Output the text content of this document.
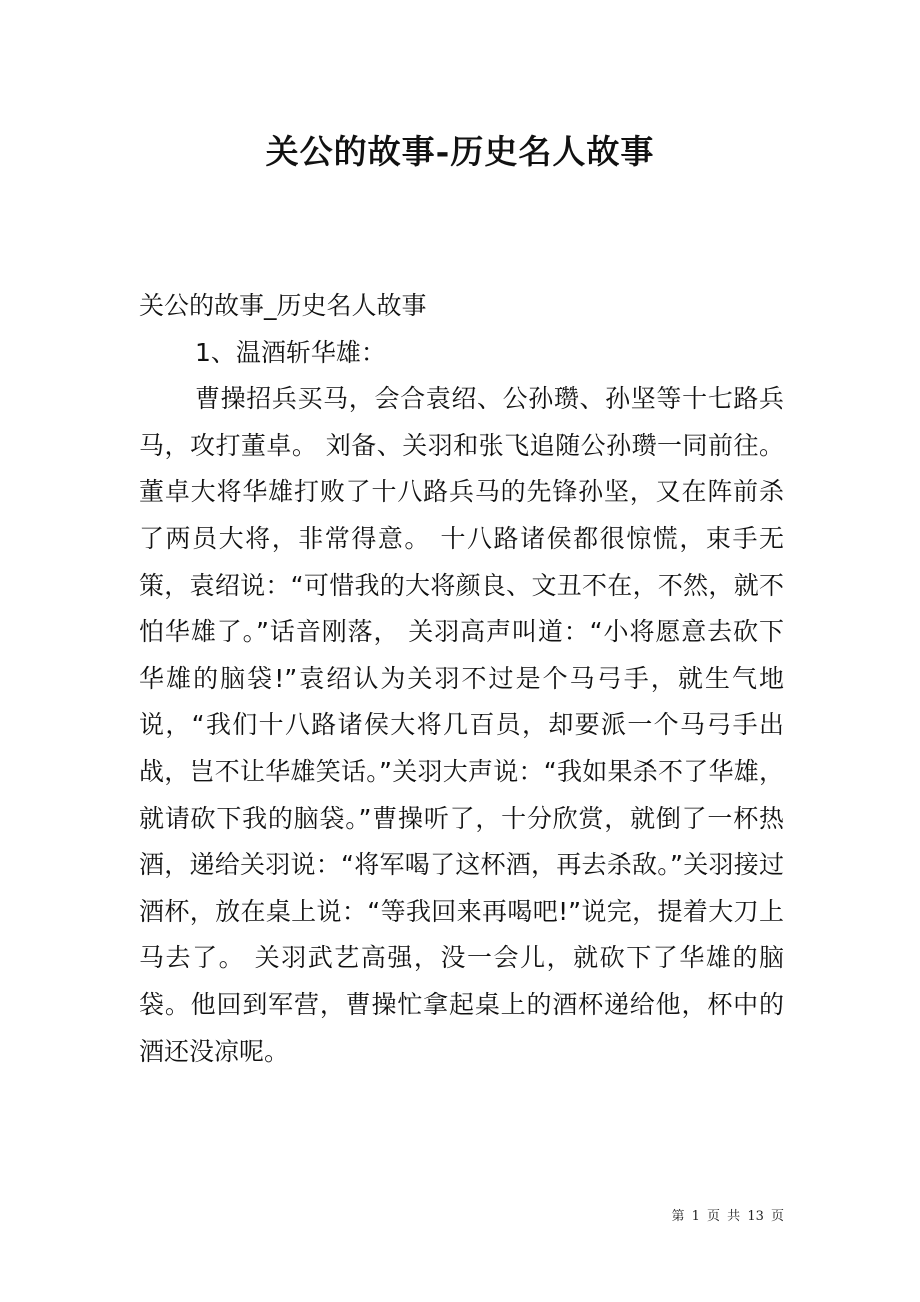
关公的故事-历史名人故事

关公的故事_历史名人故事

1、温酒斩华雄：

曹操招兵买马，会合袁绍、公孙瓒、孙坚等十七路兵马，攻打董卓。 刘备、关羽和张飞追随公孙瓒一同前往。董卓大将华雄打败了十八路兵马的先锋孙坚，又在阵前杀了两员大将，非常得意。 十八路诸侯都很惊慌，束手无策，袁绍说：“可惜我的大将颜良、文丑不在，不然，就不怕华雄了。”话音刚落， 关羽高声叫道：“小将愿意去砍下华雄的脑袋!”袁绍认为关羽不过是个马弓手，就生气地说，“我们十八路诸侯大将几百员，却要派一个马弓手出战，岂不让华雄笑话。”关羽大声说：“我如果杀不了华雄， 就请砍下我的脑袋。”曹操听了，十分欣赏，就倒了一杯热酒，递给关羽说：“将军喝了这杯酒，再去杀敌。”关羽接过酒杯，放在桌上说：“等我回来再喝吧!”说完，提着大刀上马去了。 关羽武艺高强，没一会儿，就砍下了华雄的脑袋。他回到军营，曹操忙拿起桌上的酒杯递给他，杯中的酒还没凉呢。

第 1 页 共 13 页
